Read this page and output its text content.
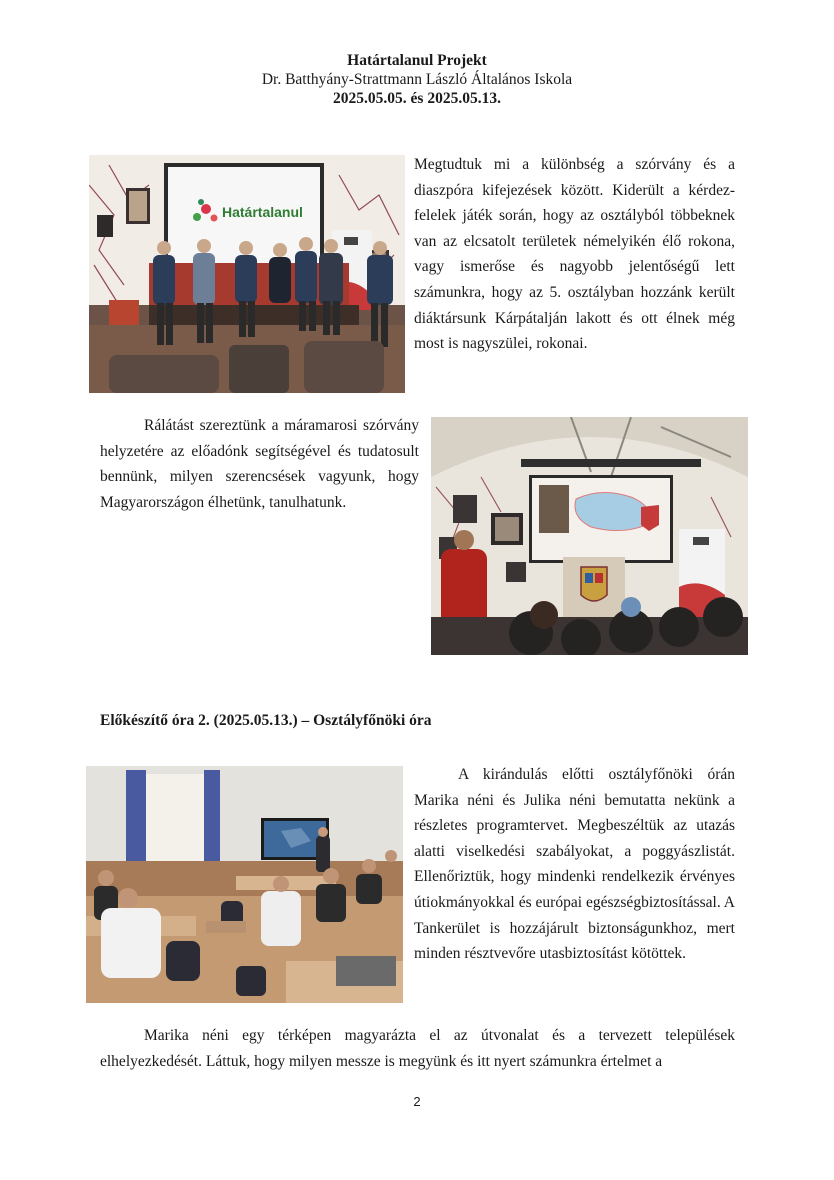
Határtalanul Projekt
Dr. Batthyány-Strattmann László Általános Iskola
2025.05.05. és 2025.05.13.
Határtalanul

Megtudtuk mi a különbség a szórvány és a diaszpóra kifejezések között. Kiderült a kérdez-felelek játék során, hogy az osztályból többeknek van az elcsatolt területek némelyikén élő rokona, vagy ismerőse és nagyobb jelentőségű lett számunkra, hogy az 5. osztályban hozzánk került diáktársunk Kárpátalján lakott és ott élnek még most is nagyszülei, rokonai.

Rálátást szereztünk a máramarosi szórvány helyzetére az előadónk segítségével és tudatosult bennünk, milyen szerencsések vagyunk, hogy Magyarországon élhetünk, tanulhatunk.

Előkészítő óra 2. (2025.05.13.) – Osztályfőnöki óra

A kirándulás előtti osztályfőnöki órán Marika néni és Julika néni bemutatta nekünk a részletes programtervet. Megbeszéltük az utazás alatti viselkedési szabályokat, a poggyászlistát. Ellenőriztük, hogy mindenki rendelkezik érvényes útiokmányokkal és európai egészségbiztosítással. A Tankerület is hozzájárult biztonságunkhoz, mert minden résztvevőre utasbiztosítást kötöttek.

Marika néni egy térképen magyarázta el az útvonalat és a tervezett települések elhelyezkedését. Láttuk, hogy milyen messze is megyünk és itt nyert számunkra értelmet a

2
